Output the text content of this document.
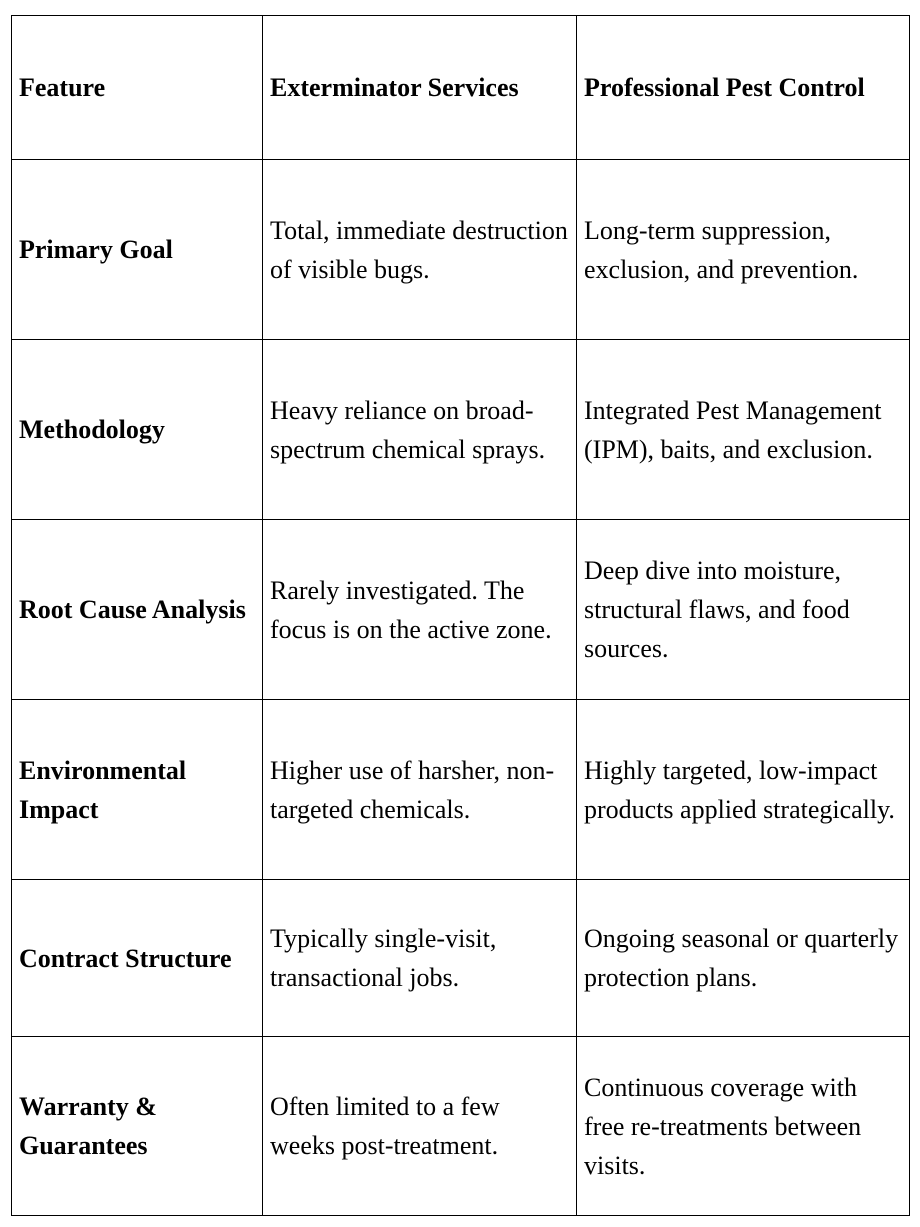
Feature	Exterminator Services	Professional Pest Control
Primary Goal	Total, immediate destruction of visible bugs.	Long-term suppression, exclusion, and prevention.
Methodology	Heavy reliance on broad-spectrum chemical sprays.	Integrated Pest Management (IPM), baits, and exclusion.
Root Cause Analysis	Rarely investigated. The focus is on the active zone.	Deep dive into moisture, structural flaws, and food sources.
Environmental Impact	Higher use of harsher, non-targeted chemicals.	Highly targeted, low-impact products applied strategically.
Contract Structure	Typically single-visit, transactional jobs.	Ongoing seasonal or quarterly protection plans.
Warranty & Guarantees	Often limited to a few weeks post-treatment.	Continuous coverage with free re-treatments between visits.
